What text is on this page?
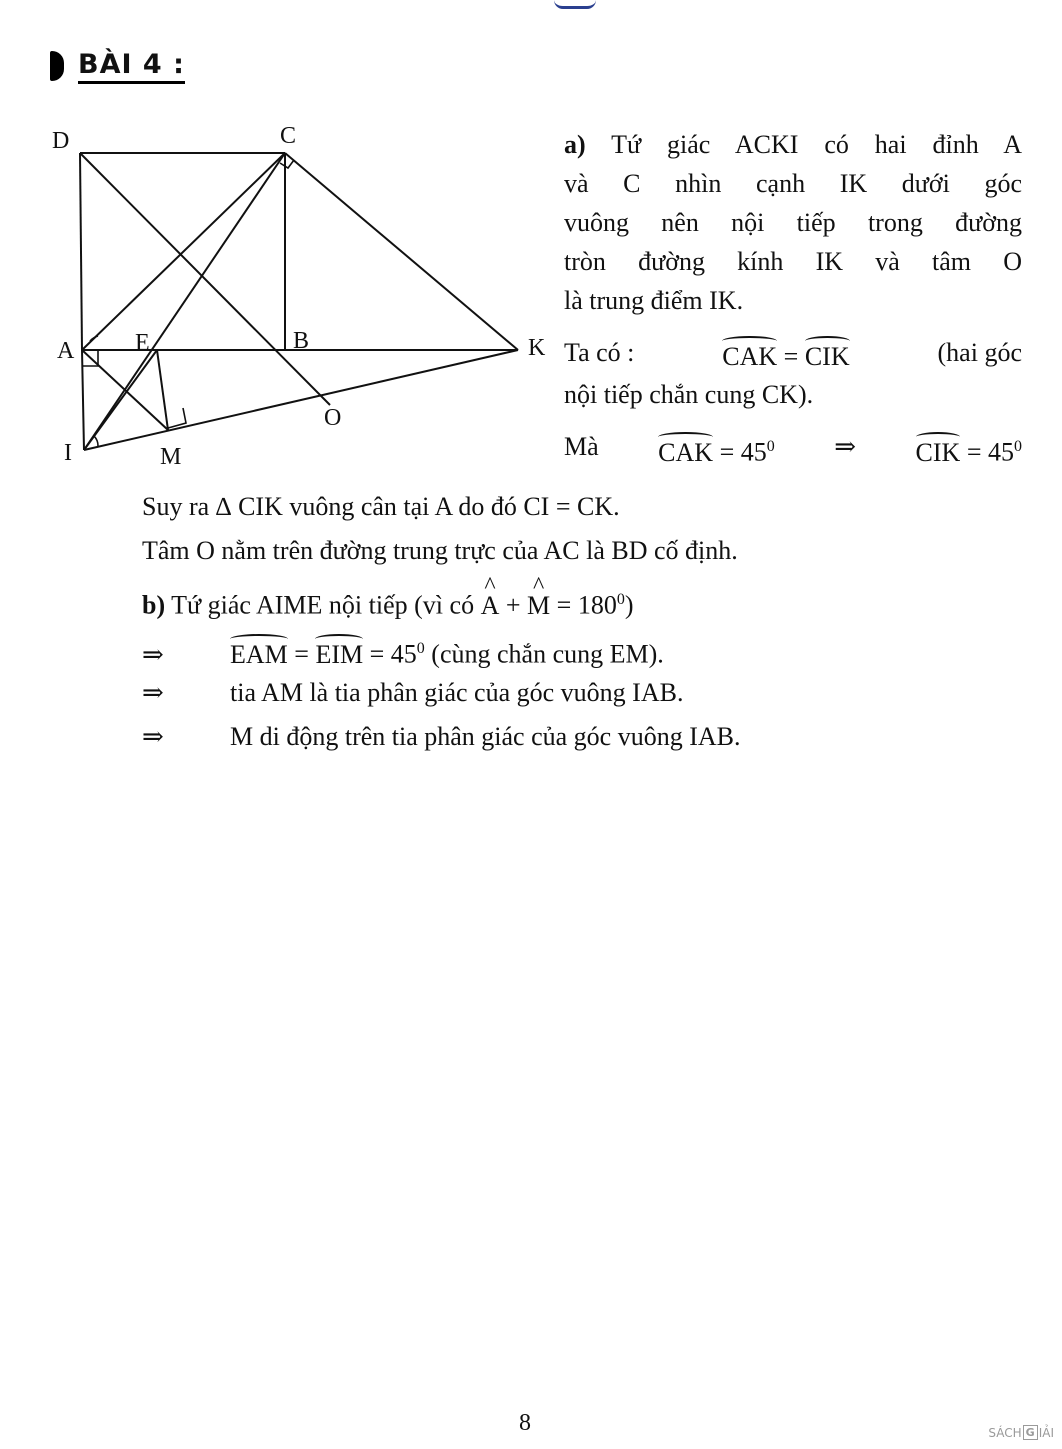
BÀI 4 :
D	C
A	E	B	K
O
I	M
a) Tứ giác ACKI có hai đỉnh A
và C nhìn cạnh IK dưới góc
vuông nên nội tiếp trong đường
tròn đường kính IK và tâm O
là trung điểm IK.
Ta có :	CAK = CIK	(hai góc
nội tiếp chắn cung CK).
Mà CAK = $45^0$ ⇒ CIK = $45^0$
Suy ra ∆ CIK vuông cân tại A do đó CI = CK.
Tâm O nằm trên đường trung trực của AC là BD cố định.
b) Tứ giác AIME nội tiếp (vì có ^ A + ^ $M = 180^0$)
⇒	EAM = EIM = $45^0$ (cùng chắn cung EM).
⇒	tia AM là tia phân giác của góc vuông IAB.
⇒	M di động trên tia phân giác của góc vuông IAB.
8	SÁCH G IẢI
